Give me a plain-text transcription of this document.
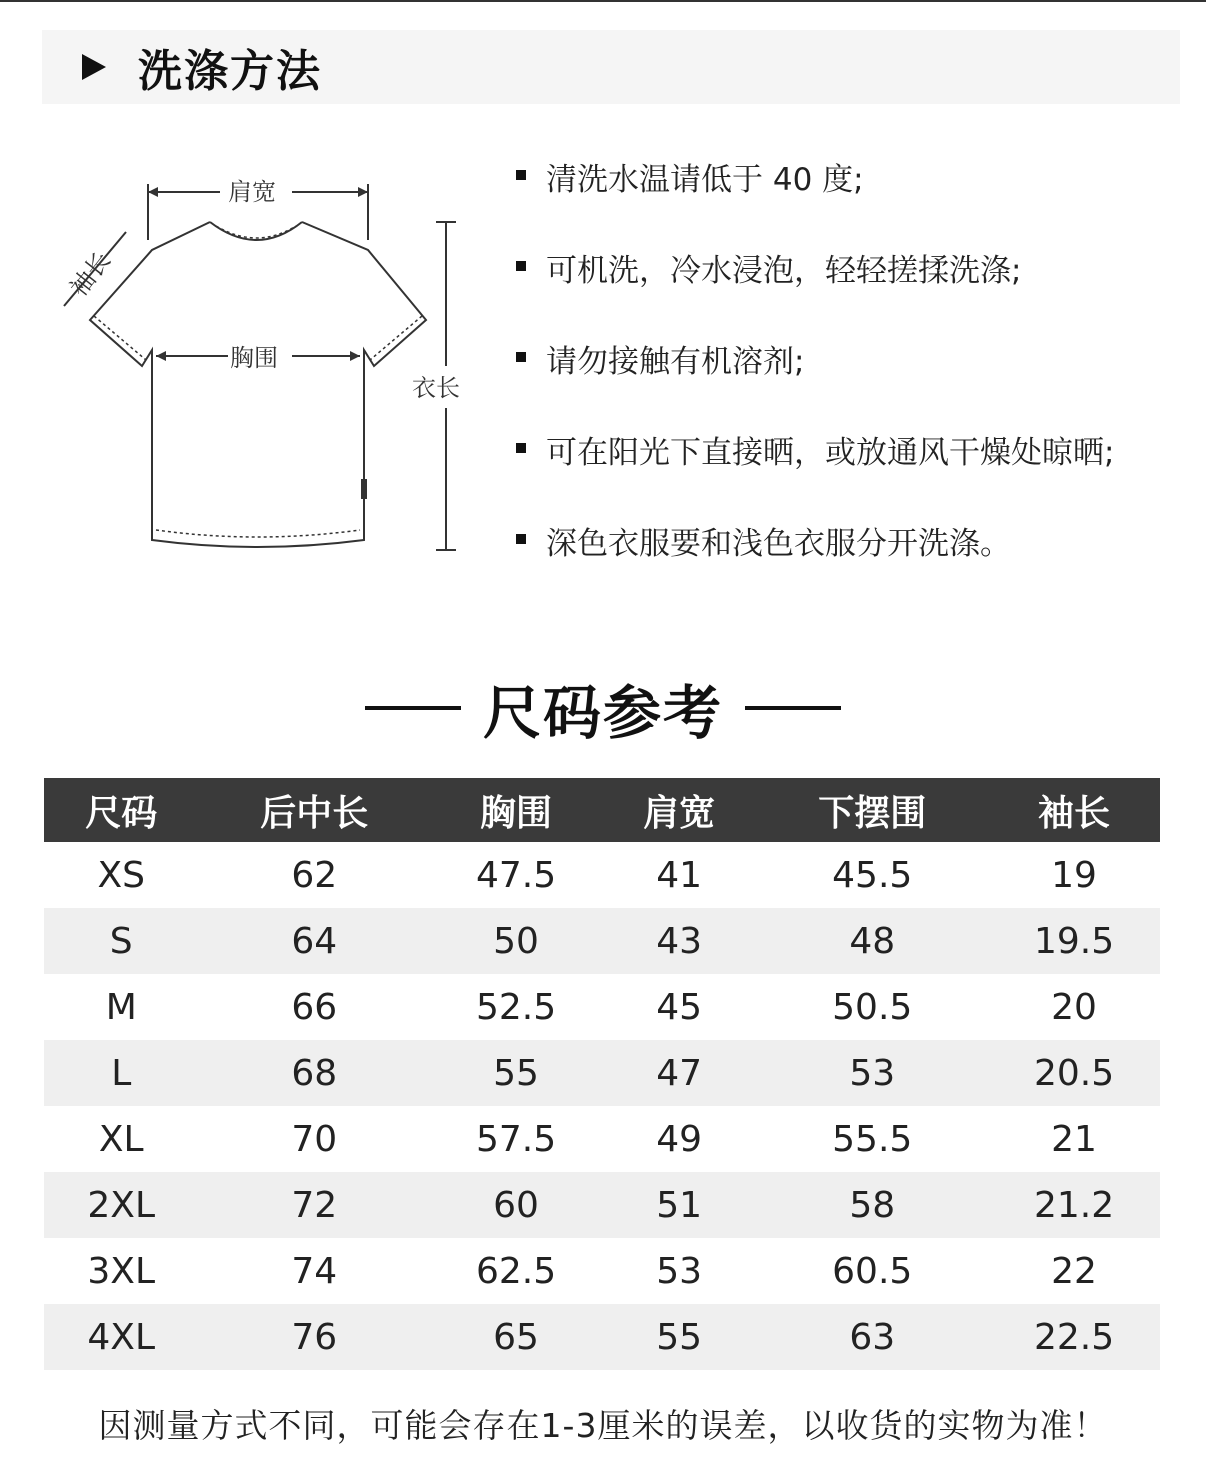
洗涤方法
肩宽
胸围
衣长
袖长
清洗水温请低于 40 度;
可机洗，冷水浸泡，轻轻搓揉洗涤;
请勿接触有机溶剂;
可在阳光下直接晒，或放通风干燥处晾晒;
深色衣服要和浅色衣服分开洗涤。
尺码参考
尺码	后中长	胸围	肩宽	下摆围	袖长
XS	62	47.5	41	45.5	19
S	64	50	43	48	19.5
M	66	52.5	45	50.5	20
L	68	55	47	53	20.5
XL	70	57.5	49	55.5	21
2XL	72	60	51	58	21.2
3XL	74	62.5	53	60.5	22
4XL	76	65	55	63	22.5
因测量方式不同，可能会存在1-3厘米的误差，以收货的实物为准！
